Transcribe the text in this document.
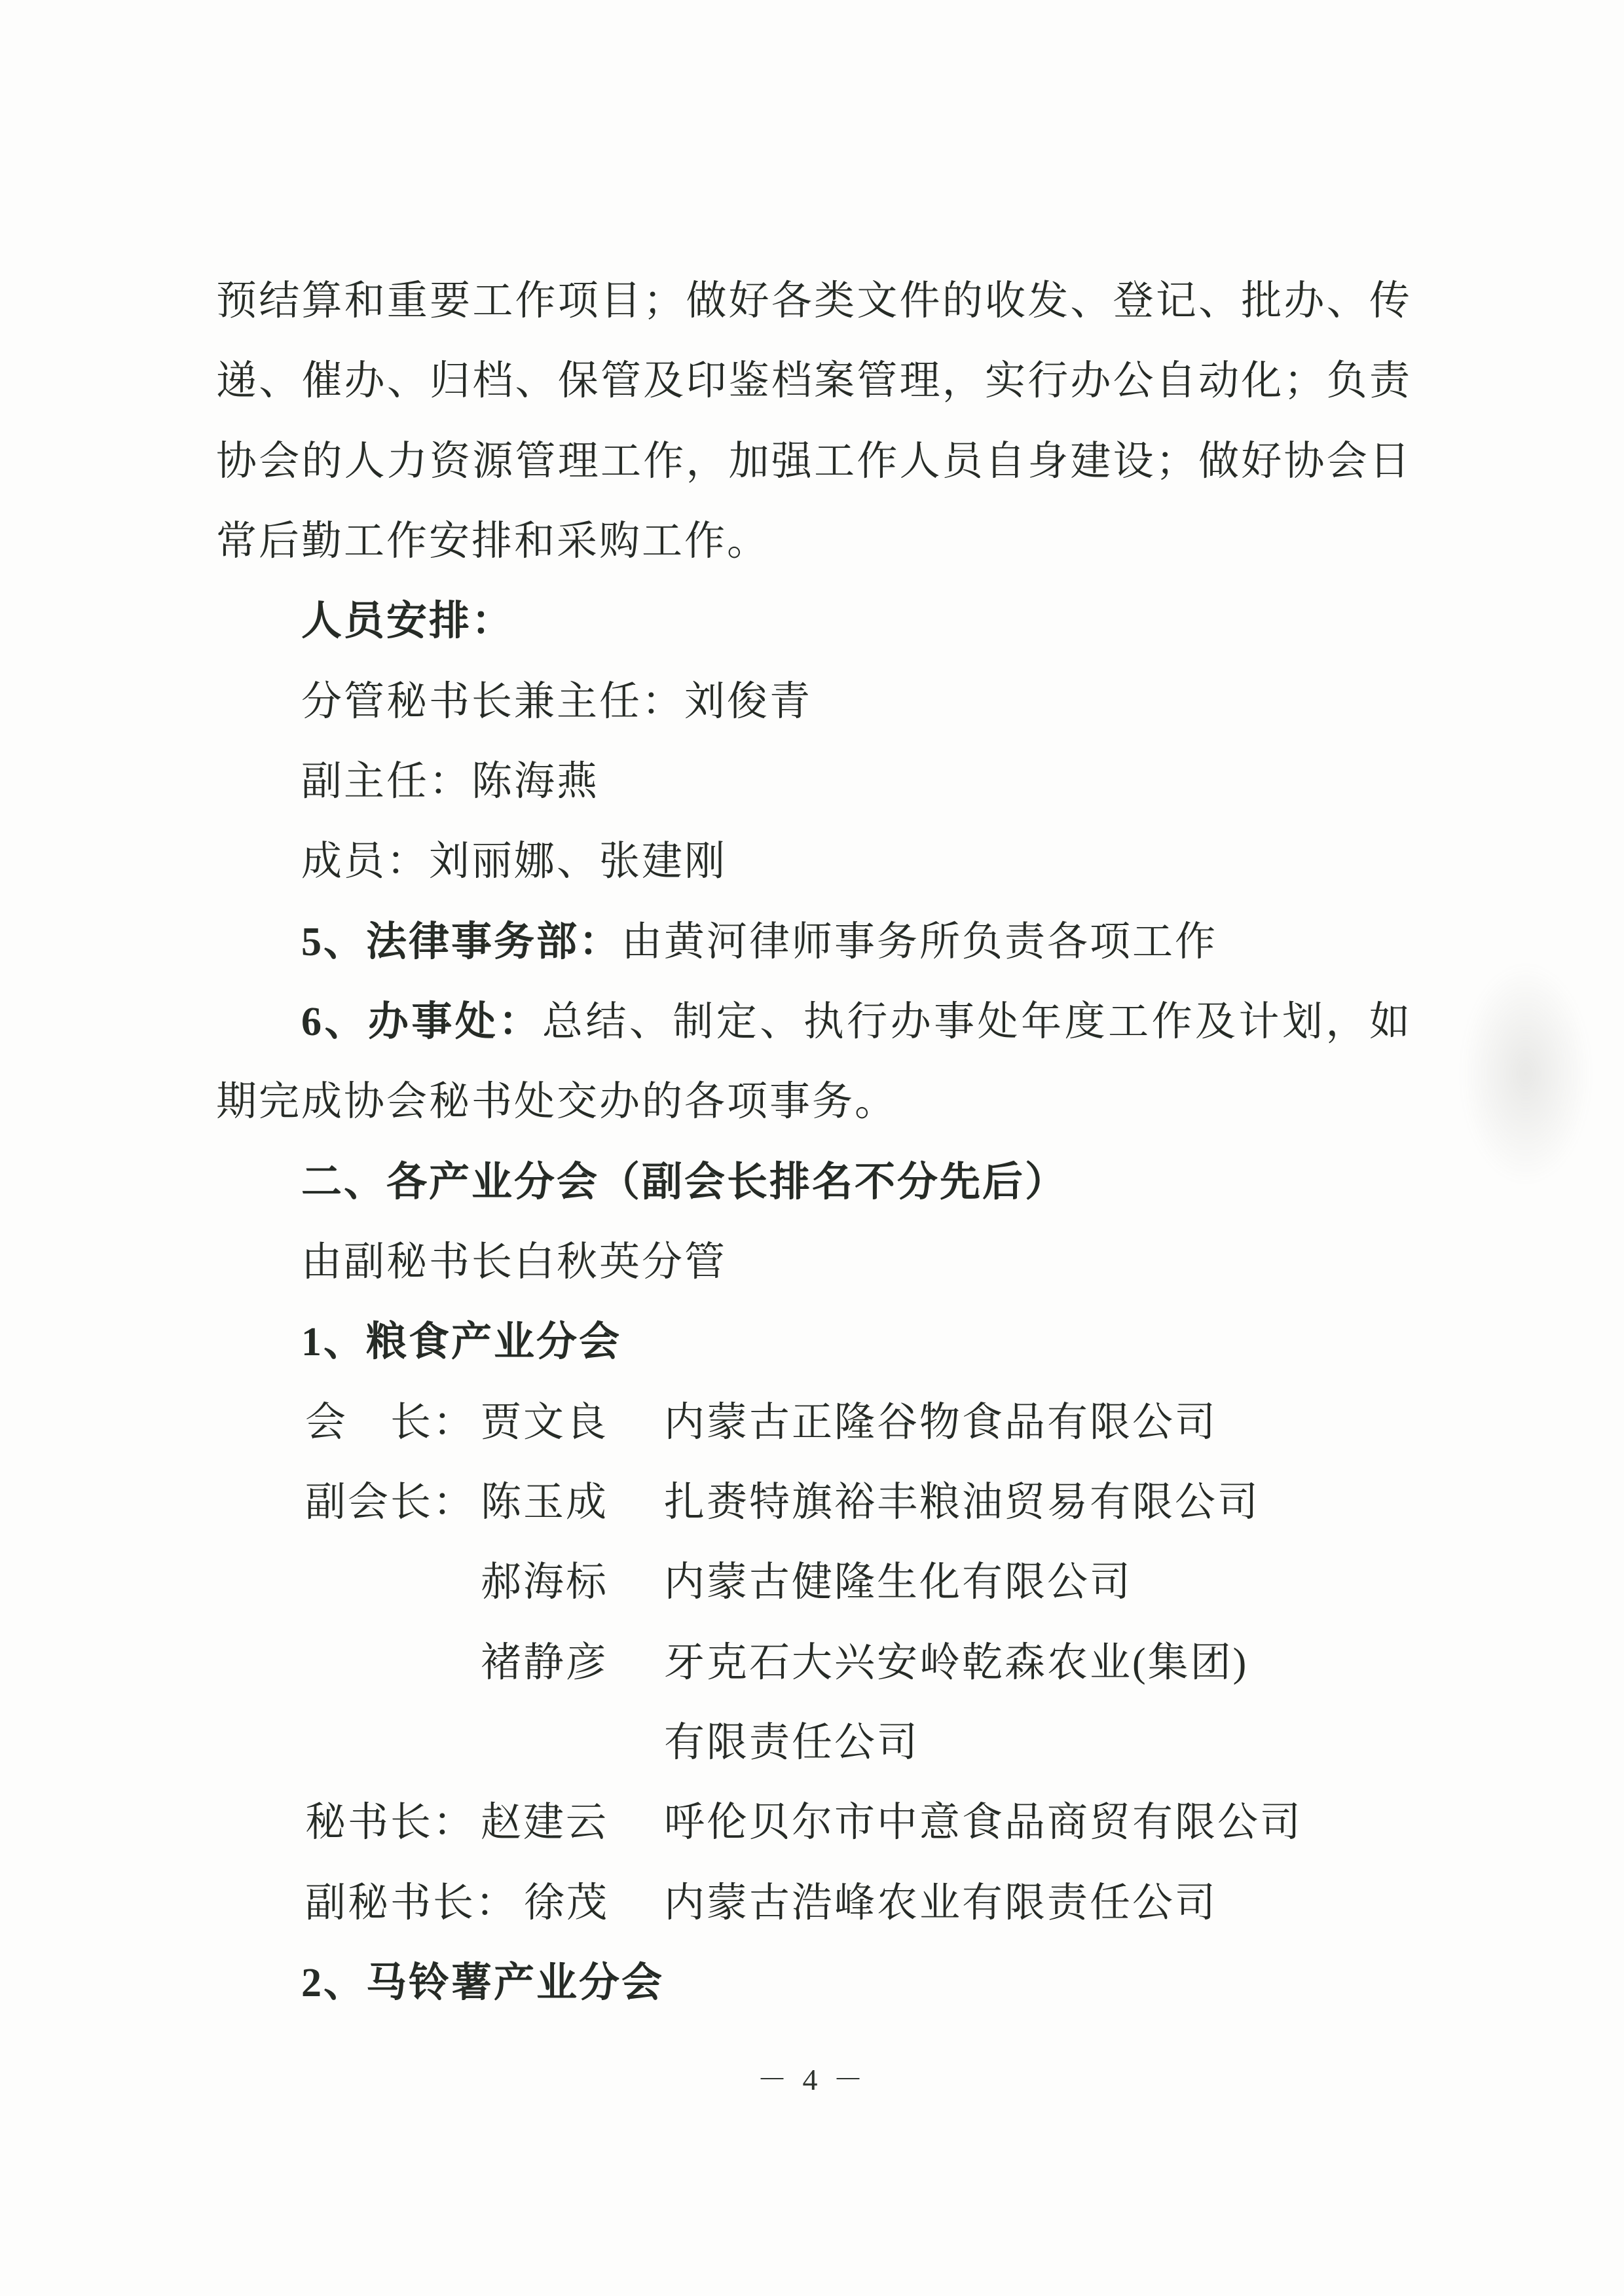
预结算和重要工作项目；做好各类文件的收发、登记、批办、传
递、催办、归档、保管及印鉴档案管理，实行办公自动化；负责
协会的人力资源管理工作，加强工作人员自身建设；做好协会日
常后勤工作安排和采购工作。
人员安排：
分管秘书长兼主任：刘俊青
副主任：陈海燕
成员：刘丽娜、张建刚
5、法律事务部：由黄河律师事务所负责各项工作
6、办事处：总结、制定、执行办事处年度工作及计划，如
期完成协会秘书处交办的各项事务。
二、各产业分会（副会长排名不分先后）
由副秘书长白秋英分管
1、粮食产业分会
会　长： 贾文良 内蒙古正隆谷物食品有限公司
副会长： 陈玉成 扎赉特旗裕丰粮油贸易有限公司
郝海标 内蒙古健隆生化有限公司
褚静彦 牙克石大兴安岭乾森农业(集团)
有限责任公司
秘书长： 赵建云 呼伦贝尔市中意食品商贸有限公司
副秘书长： 徐茂 内蒙古浩峰农业有限责任公司
2、马铃薯产业分会
－ 4 －
